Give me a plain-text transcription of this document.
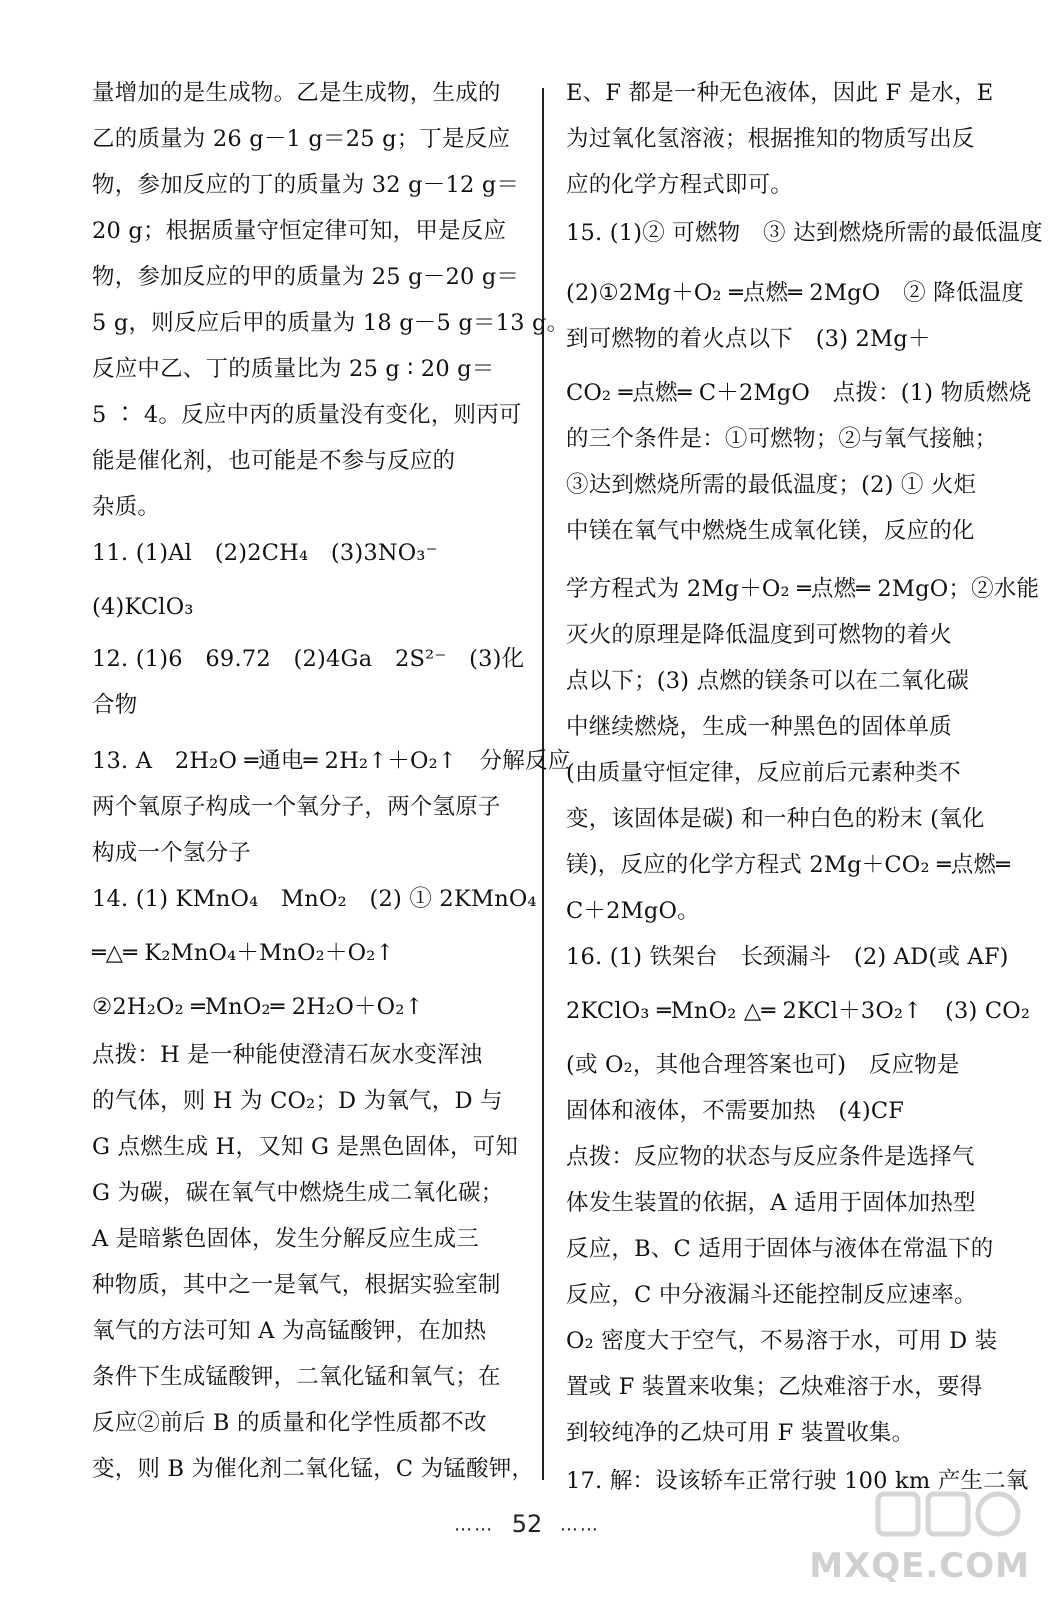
量增加的是生成物。乙是生成物，生成的
乙的质量为 26 g－1 g＝25 g；丁是反应
物，参加反应的丁的质量为 32 g－12 g＝
20 g；根据质量守恒定律可知，甲是反应
物，参加反应的甲的质量为 25 g－20 g＝
5 g，则反应后甲的质量为 18 g－5 g＝13 g。
反应中乙、丁的质量比为 25 g ∶ 20 g＝
5 ∶ 4。反应中丙的质量没有变化，则丙可
能是催化剂，也可能是不参与反应的
杂质。
11. (1)Al　(2)2CH₄　(3)3NO₃⁻
(4)KClO₃
12. (1)6　69.72　(2)4Ga　2S²⁻　(3)化
合物
13. A　2H₂O ═通电═ 2H₂↑＋O₂↑　分解反应
两个氧原子构成一个氧分子，两个氢原子
构成一个氢分子
14. (1) KMnO₄　MnO₂　(2) ① 2KMnO₄
═△═ K₂MnO₄＋MnO₂＋O₂↑
②2H₂O₂ ═MnO₂═ 2H₂O＋O₂↑
点拨：H 是一种能使澄清石灰水变浑浊
的气体，则 H 为 CO₂；D 为氧气，D 与
G 点燃生成 H，又知 G 是黑色固体，可知
G 为碳，碳在氧气中燃烧生成二氧化碳；
A 是暗紫色固体，发生分解反应生成三
种物质，其中之一是氧气，根据实验室制
氧气的方法可知 A 为高锰酸钾，在加热
条件下生成锰酸钾，二氧化锰和氧气；在
反应②前后 B 的质量和化学性质都不改
变，则 B 为催化剂二氧化锰，C 为锰酸钾，
E、F 都是一种无色液体，因此 F 是水，E
为过氧化氢溶液；根据推知的物质写出反
应的化学方程式即可。
15. (1)② 可燃物　③ 达到燃烧所需的最低温度
(2)①2Mg＋O₂ ═点燃═ 2MgO　② 降低温度
到可燃物的着火点以下　(3) 2Mg＋
CO₂ ═点燃═ C＋2MgO　点拨：(1) 物质燃烧
的三个条件是：①可燃物；②与氧气接触；
③达到燃烧所需的最低温度；(2) ① 火炬
中镁在氧气中燃烧生成氧化镁，反应的化
学方程式为 2Mg＋O₂ ═点燃═ 2MgO；②水能
灭火的原理是降低温度到可燃物的着火
点以下；(3) 点燃的镁条可以在二氧化碳
中继续燃烧，生成一种黑色的固体单质
(由质量守恒定律，反应前后元素种类不
变，该固体是碳) 和一种白色的粉末 (氧化
镁)，反应的化学方程式 2Mg＋CO₂ ═点燃═
C＋2MgO。
16. (1) 铁架台　长颈漏斗　(2) AD(或 AF)
2KClO₃ ═MnO₂ △═ 2KCl＋3O₂↑　(3) CO₂
(或 O₂，其他合理答案也可)　反应物是
固体和液体，不需要加热　(4)CF
点拨：反应物的状态与反应条件是选择气
体发生装置的依据，A 适用于固体加热型
反应，B、C 适用于固体与液体在常温下的
反应，C 中分液漏斗还能控制反应速率。
O₂ 密度大于空气，不易溶于水，可用 D 装
置或 F 装置来收集；乙炔难溶于水，要得
到较纯净的乙炔可用 F 装置收集。
17. 解：设该轿车正常行驶 100 km 产生二氧
…… 52 ……
MXQE.COM
